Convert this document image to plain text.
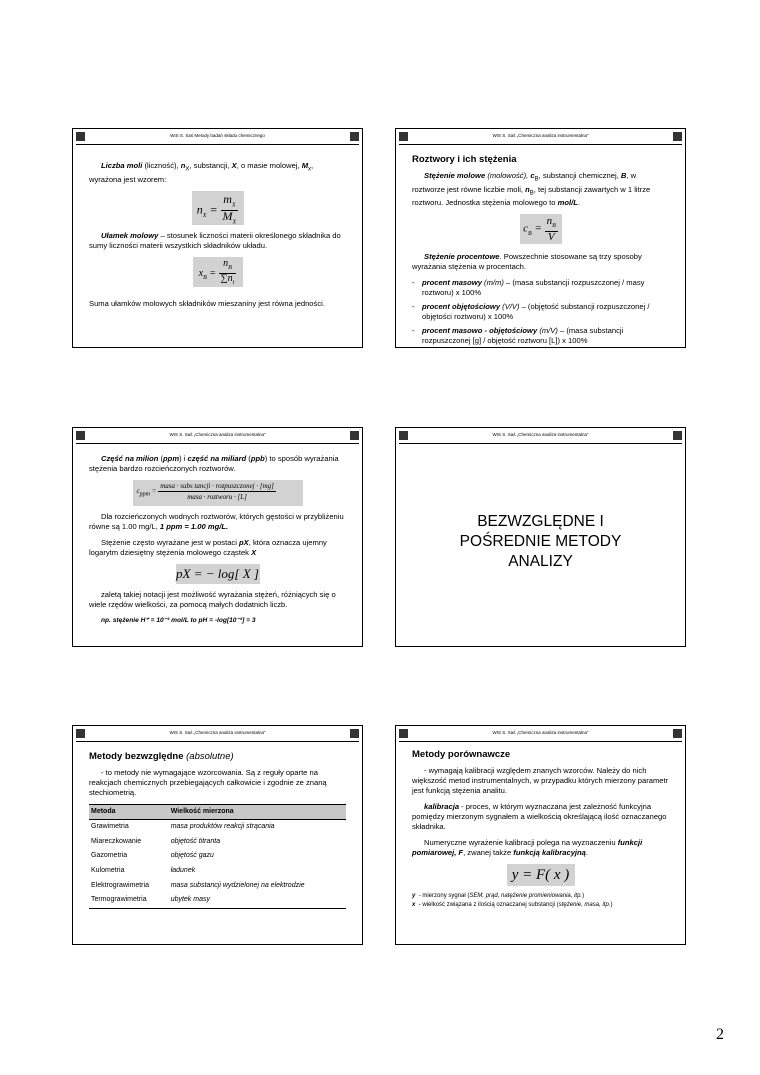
WIS S. Saś Metody badań składu chemicznego

Liczba moli (liczność), $n_X$, substancji, X, o masie molowej, $M_x$, wyrażona jest wzorem:

$n_X = \frac{m_X}{M_X}$

Ułamek molowy – stosunek liczności materii określonego składnika do sumy liczności materii wszystkich składników układu.

$x_B = \frac{n_B}{\sum n_i}$

Suma ułamków molowych składników mieszaniny jest równa jedności.

WIS S. Saś „Chemiczna analiza instrumentalna”
Roztwory i ich stężenia

Stężenie molowe (molowość), $c_B$, substancji chemicznej, B, w roztworze jest równe liczbie moli, $n_B$, tej substancji zawartych w 1 litrze roztworu. Jednostka stężenia molowego to mol/L.

$c_B = \frac{n_B}{V}$

Stężenie procentowe. Powszechnie stosowane są trzy sposoby wyrażania stężenia w procentach.

- procent masowy (m/m) – (masa substancji rozpuszczonej / masy roztworu) x 100%
- procent objętościowy (V/V) – (objętość substancji rozpuszczonej / objętości roztworu) x 100%
- procent masowo - objętościowy (m/V) – (masa substancji rozpuszczonej [g] / objętość roztworu [L]) x 100%
WIS S. Saś „Chemiczna analiza instrumentalna”

Część na milion (ppm) i część na miliard (ppb) to sposób wyrażania stężenia bardzo rozcieńczonych roztworów.

$c_{ppm} = \frac{\text{masa · subs tancji · rozpuszczonej · [mg]}}{\text{masa · roztworu · [L]}}$

Dla rozcieńczonych wodnych roztworów, których gęstości w przybliżeniu równe są 1.00 mg/L, 1 ppm = 1.00 mg/L.

Stężenie często wyrażane jest w postaci pX, która oznacza ujemny logarytm dziesiętny stężenia molowego cząstek X

pX = − log[ X ]

zaletą takiej notacji jest możliwość wyrażania stężeń, różniących się o wiele rzędów wielkości, za pomocą małych dodatnich liczb.

np. stężenie H⁺ = 10⁻³ mol/L to pH = -log[10⁻³] = 3

WIS S. Saś „Chemiczna analiza instrumentalna”
BEZWZGLĘDNE I
POŚREDNIE METODY
ANALIZY
WIS S. Saś „Chemiczna analiza instrumentalna”
Metody bezwzględne (absolutne)

- to metody nie wymagające wzorcowania. Są z reguły oparte na reakcjach chemicznych przebiegających całkowicie i zgodnie ze znaną stechiometrią.

Metoda	Wielkość mierzona
Grawimetria	masa produktów reakcji strącania
Miareczkowanie	objętość titranta
Gazometria	objętość gazu
Kulometria	ładunek
Elektrograwimetria	masa substancji wydzielonej na elektrodzie
Termograwimetria	ubytek masy
WIS S. Saś „Chemiczna analiza instrumentalna”
Metody porównawcze

- wymagają kalibracji względem znanych wzorców. Należy do nich większość metod instrumentalnych, w przypadku których mierzony parametr jest funkcją stężenia analitu.

kalibracja - proces, w którym wyznaczana jest zależność funkcyjna pomiędzy mierzonym sygnałem a wielkością określającą ilość oznaczanego składnika.

Numeryczne wyrażenie kalibracji polega na wyznaczeniu funkcji pomiarowej, F, zwanej także funkcją kalibracyjną.

y = F( x )
y - mierzony sygnał (SEM, prąd, natężenie promieniowania, itp.)
x - wielkość związana z ilością oznaczanej substancji (stężenie, masa, itp.)
2
